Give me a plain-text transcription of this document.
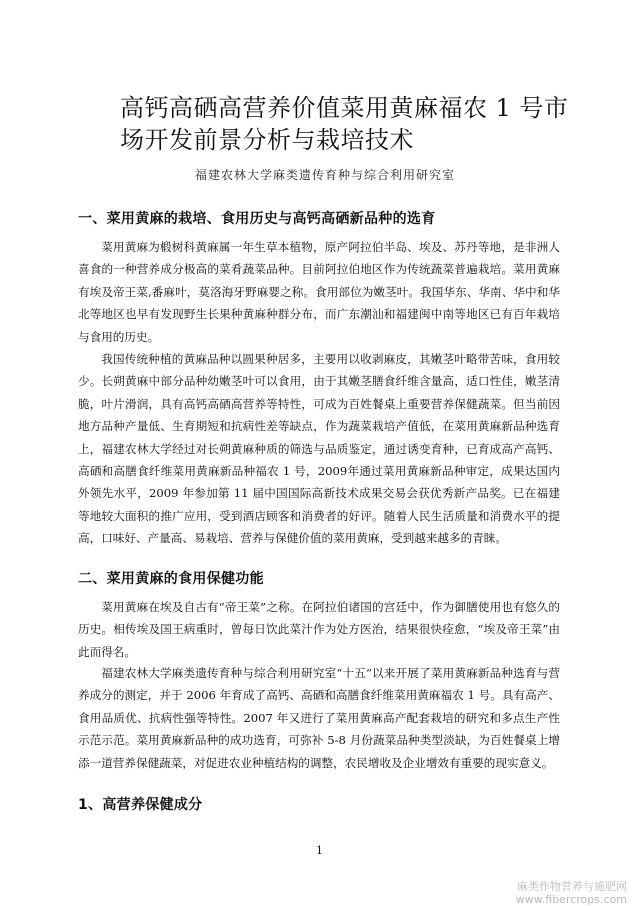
高钙高硒高营养价值菜用黄麻福农 1 号市
场开发前景分析与栽培技术
福建农林大学麻类遗传育种与综合利用研究室
一、菜用黄麻的栽培、食用历史与高钙高硒新品种的选育
菜用黄麻为椴树科黄麻属一年生草本植物，原产阿拉伯半岛、埃及、苏丹等地，是非洲人喜食的一种营养成分极高的菜肴蔬菜品种。目前阿拉伯地区作为传统蔬菜普遍栽培。菜用黄麻有埃及帝王菜,番麻叶，莫洛海牙野麻婴之称。食用部位为嫩茎叶。我国华东、华南、华中和华北等地区也早有发现野生长果种黄麻种群分布，而广东潮汕和福建闽中南等地区已有百年栽培与食用的历史。
我国传统种植的黄麻品种以圆果种居多，主要用以收剥麻皮，其嫩茎叶略带苦味，食用较少。长朔黄麻中部分品种幼嫩茎叶可以食用，由于其嫩茎膳食纤维含量高，适口性佳，嫩茎清脆，叶片滑润，具有高钙高硒高营养等特性，可成为百姓餐桌上重要营养保健蔬菜。但当前因地方品种产量低、生育期短和抗病性差等缺点，作为蔬菜栽培产值低，在菜用黄麻新品种选育上，福建农林大学经过对长朔黄麻种质的筛选与品质鉴定，通过诱变育种，已育成高产高钙、高硒和高膳食纤维菜用黄麻新品种福农 1 号，2009年通过菜用黄麻新品种审定，成果达国内外领先水平，2009 年参加第 11 届中国国际高新技术成果交易会获优秀新产品奖。已在福建等地较大面积的推广应用，受到酒店顾客和消费者的好评。随着人民生活质量和消费水平的提高，口味好、产量高、易栽培、营养与保健价值的菜用黄麻，受到越来越多的青睐。
二、菜用黄麻的食用保健功能
菜用黄麻在埃及自古有“帝王菜”之称。在阿拉伯诸国的宫廷中，作为御膳使用也有悠久的历史。相传埃及国王病重时，曾每日饮此菜汁作为处方医治，结果很快痊愈，“埃及帝王菜”由此而得名。
福建农林大学麻类遗传育种与综合利用研究室“十五”以来开展了菜用黄麻新品种选育与营养成分的测定，并于 2006 年育成了高钙、高硒和高膳食纤维菜用黄麻福农 1 号。具有高产、食用品质优、抗病性强等特性。2007 年又进行了菜用黄麻高产配套栽培的研究和多点生产性示范示范。菜用黄麻新品种的成功选育，可弥补 5-8 月份蔬菜品种类型淡缺，为百姓餐桌上增添一道营养保健蔬菜，对促进农业种植结构的调整，农民增收及企业增效有重要的现实意义。
1、高营养保健成分
1
麻类作物营养与施肥网
www.fibercrops.com
